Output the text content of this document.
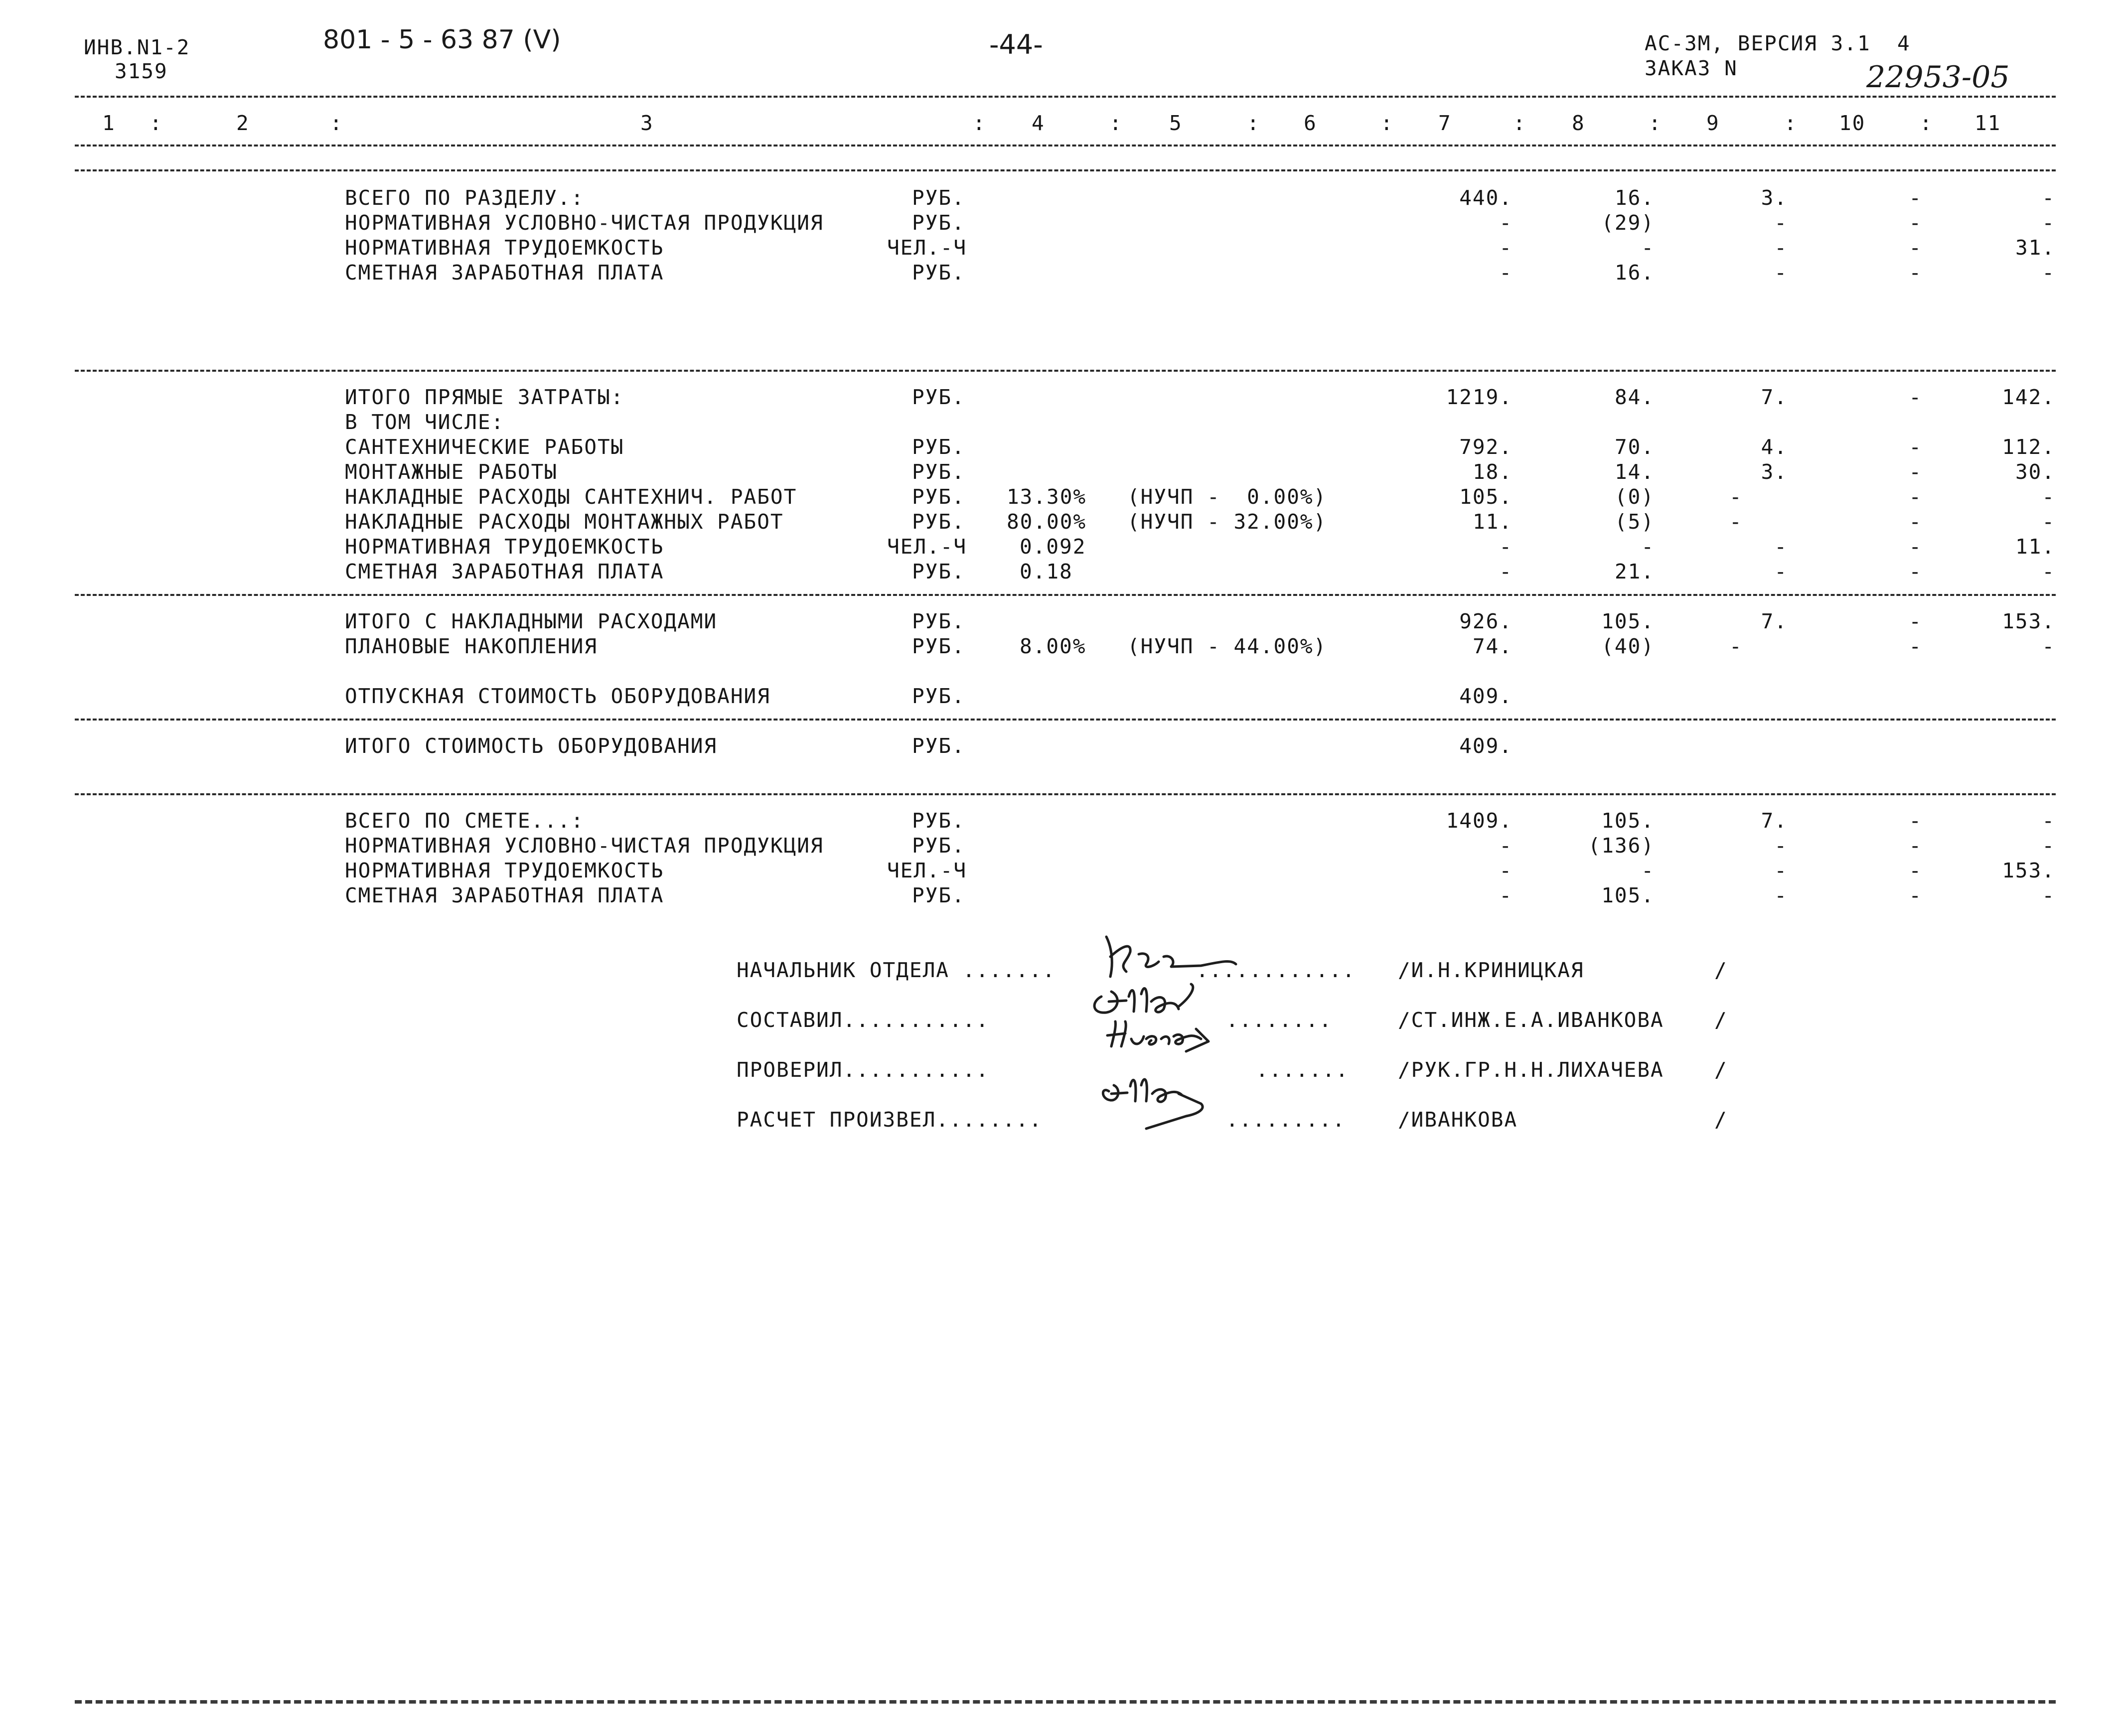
ИНВ.N1-2
3159
801 - 5 - 63 87 (V)	-44-	АС-3М, ВЕРСИЯ 3.1  4
ЗАКАЗ N	22953-05
1 :	2	:	3	: 4	: 5	: 6	: 7	: 8	: 9	: 10	: 11
ВСЕГО ПО РАЗДЕЛУ.:	РУБ.	440.	16.	3.	-	-
НОРМАТИВНАЯ УСЛОВНО-ЧИСТАЯ ПРОДУКЦИЯ	РУБ.	-	(29)	-	-	-
НОРМАТИВНАЯ ТРУДОЕМКОСТЬ	ЧЕЛ.-Ч	-	-	-	-	31.
СМЕТНАЯ ЗАРАБОТНАЯ ПЛАТА	РУБ.	-	16.	-	-	-
ИТОГО ПРЯМЫЕ ЗАТРАТЫ:	РУБ.	1219.	84.	7.	-	142.
В ТОМ ЧИСЛЕ:
САНТЕХНИЧЕСКИЕ РАБОТЫ	РУБ.	792.	70.	4.	-	112.
МОНТАЖНЫЕ РАБОТЫ	РУБ.	18.	14.	3.	-	30.
НАКЛАДНЫЕ РАСХОДЫ САНТЕХНИЧ. РАБОТ	РУБ. 13.30% (НУЧП -  0.00%)	105.	(0)	-	-	-
НАКЛАДНЫЕ РАСХОДЫ МОНТАЖНЫХ РАБОТ	РУБ. 80.00% (НУЧП - 32.00%)	11.	(5)	-	-	-
НОРМАТИВНАЯ ТРУДОЕМКОСТЬ	ЧЕЛ.-Ч	0.092	-	-	-	-	11.
СМЕТНАЯ ЗАРАБОТНАЯ ПЛАТА	РУБ.	0.18	-	21.	-	-	-
ИТОГО С НАКЛАДНЫМИ РАСХОДАМИ	РУБ.	926.	105.	7.	-	153.
ПЛАНОВЫЕ НАКОПЛЕНИЯ	РУБ.	8.00% (НУЧП - 44.00%)	74.	(40)	-	-	-
ОТПУСКНАЯ СТОИМОСТЬ ОБОРУДОВАНИЯ	РУБ.	409.
ИТОГО СТОИМОСТЬ ОБОРУДОВАНИЯ	РУБ.	409.
ВСЕГО ПО СМЕТЕ...:	РУБ.	1409.	105.	7.	-	-
НОРМАТИВНАЯ УСЛОВНО-ЧИСТАЯ ПРОДУКЦИЯ	РУБ.	-	(136)	-	-	-
НОРМАТИВНАЯ ТРУДОЕМКОСТЬ	ЧЕЛ.-Ч	-	-	-	-	153.
СМЕТНАЯ ЗАРАБОТНАЯ ПЛАТА	РУБ.	-	105.	-	-	-
НАЧАЛЬНИК ОТДЕЛА .......	............ /И.Н.КРИНИЦКАЯ	/
СОСТАВИЛ...........	........	/СТ.ИНЖ.Е.А.ИВАНКОВА /
ПРОВЕРИЛ...........	....... /РУК.ГР.Н.Н.ЛИХАЧЕВА /
РАСЧЕТ ПРОИЗВЕЛ........	.........	/ИВАНКОВА	/
